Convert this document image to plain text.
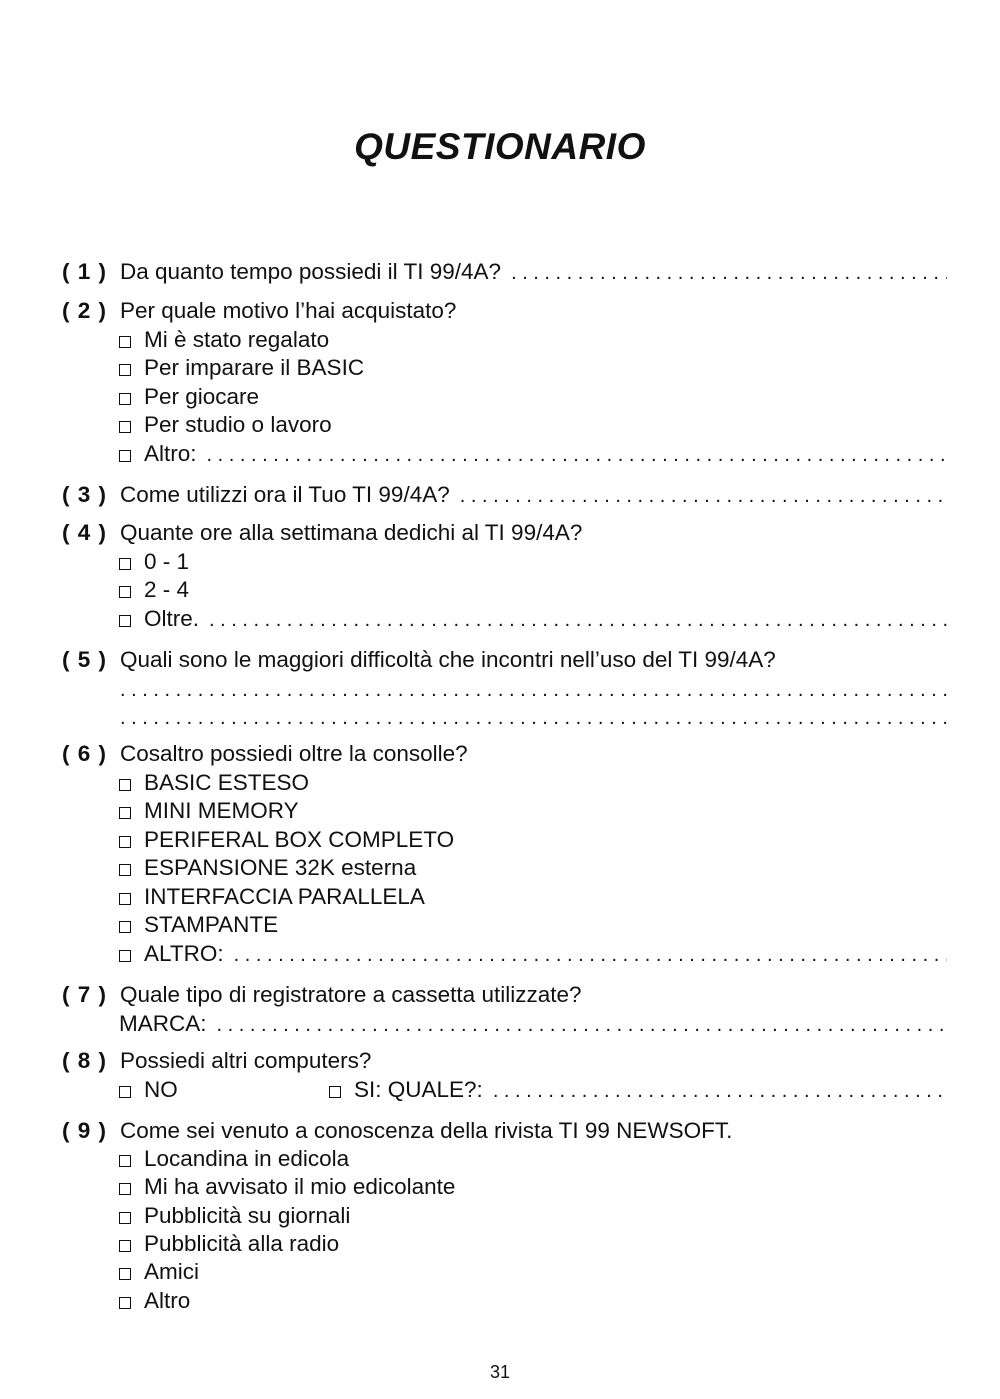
QUESTIONARIO
( 1 ) Da quanto tempo possiedi il TI 99/4A?
. . .
( 2 ) Per quale motivo l’hai acquistato?
Mi è stato regalato
Per imparare il BASIC
Per giocare
Per studio o lavoro
Altro:
. . .
( 3 ) Come utilizzi ora il Tuo TI 99/4A?
. . .
( 4 ) Quante ore alla settimana dedichi al TI 99/4A?
0 - 1
2 - 4
Oltre.
. . .
( 5 ) Quali sono le maggiori difficoltà che incontri nell’uso del TI 99/4A?
. . .
. . .
( 6 ) Cosaltro possiedi oltre la consolle?
BASIC ESTESO
MINI MEMORY
PERIFERAL BOX COMPLETO
ESPANSIONE 32K esterna
INTERFACCIA PARALLELA
STAMPANTE
ALTRO:
. . .
( 7 ) Quale tipo di registratore a cassetta utilizzate?
MARCA:
. . .
( 8 ) Possiedi altri computers?
NO	SI: QUALE?:
. . .
( 9 ) Come sei venuto a conoscenza della rivista TI 99 NEWSOFT.
Locandina in edicola
Mi ha avvisato il mio edicolante
Pubblicità su giornali
Pubblicità alla radio
Amici
Altro
31
